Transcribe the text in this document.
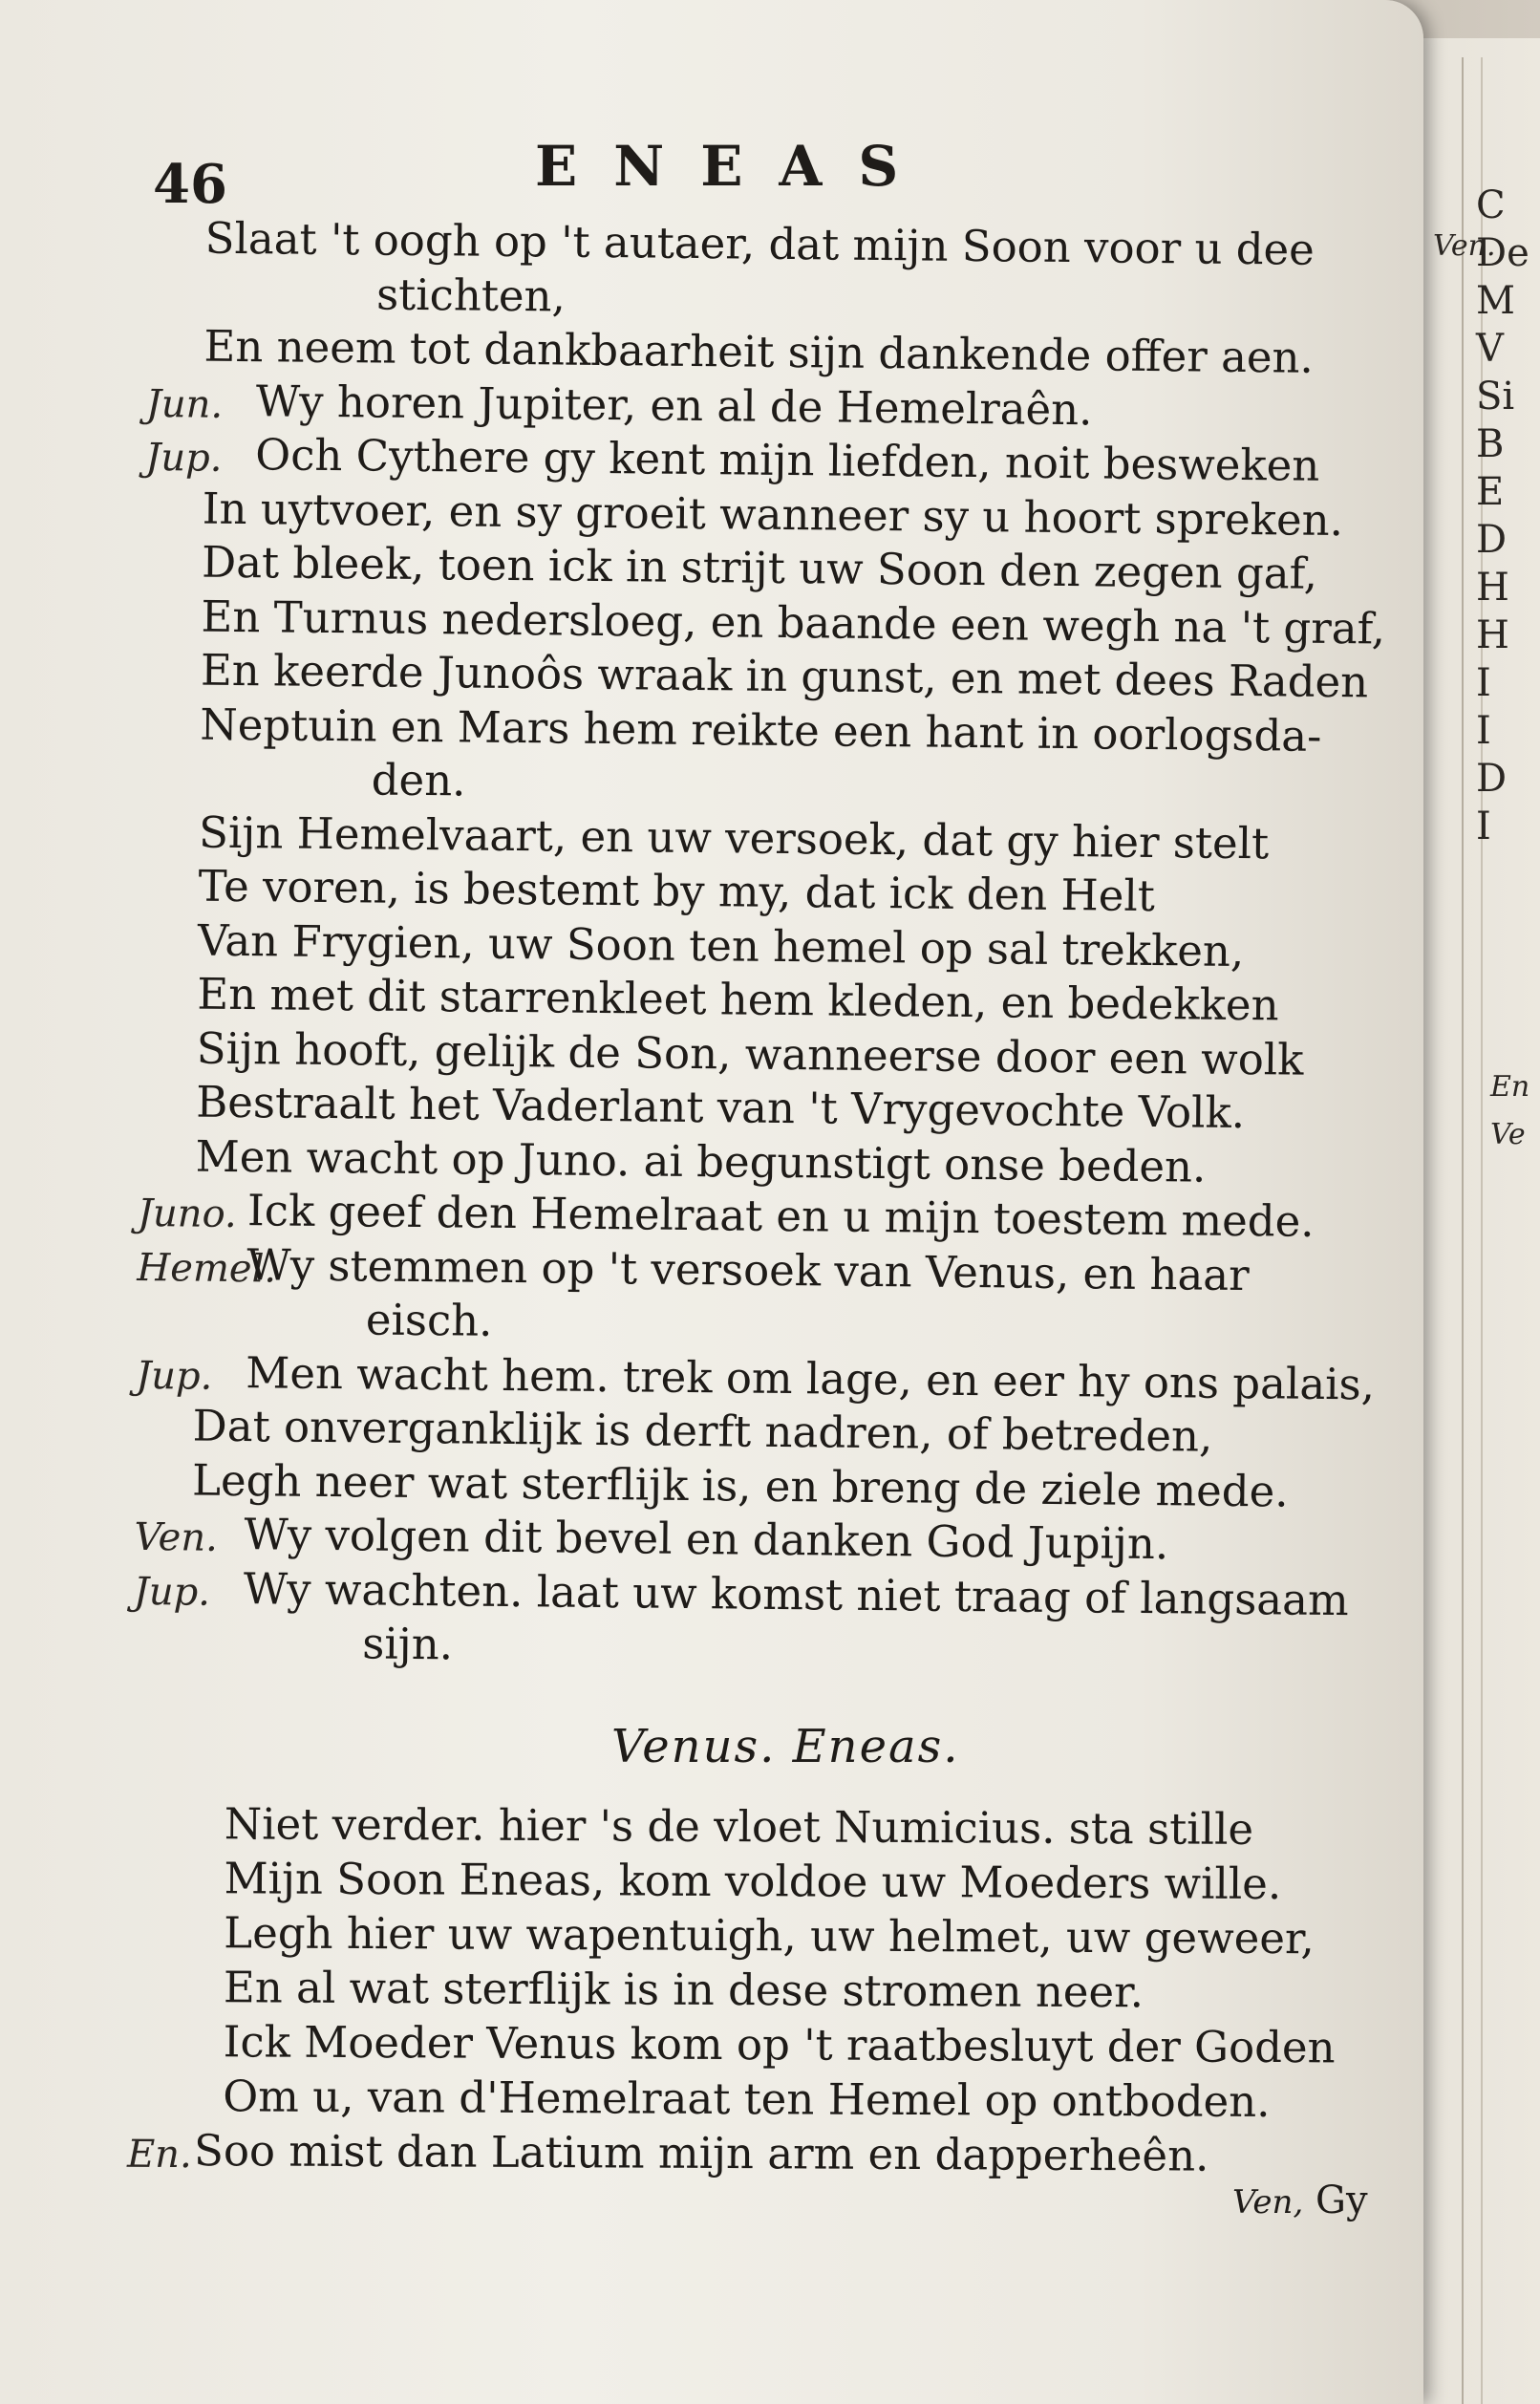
46	ENEAS
Slaat 't oogh op 't autaer, dat mijn Soon voor u dee
stichten,
En neem tot dankbaarheit sijn dankende offer aen.
Jun. Wy horen Jupiter, en al de Hemelraên.
Jup. Och Cythere gy kent mijn liefden, noit besweken
In uytvoer, en sy groeit wanneer sy u hoort spreken.
Dat bleek, toen ick in strijt uw Soon den zegen gaf,
En Turnus nedersloeg, en baande een wegh na 't graf,
En keerde Junoôs wraak in gunst, en met dees Raden
Neptuin en Mars hem reikte een hant in oorlogsda-
den.
Sijn Hemelvaart, en uw versoek, dat gy hier stelt
Te voren, is bestemt by my, dat ick den Helt
Van Frygien, uw Soon ten hemel op sal trekken,
En met dit starrenkleet hem kleden, en bedekken
Sijn hooft, gelijk de Son, wanneerse door een wolk
Bestraalt het Vaderlant van 't Vrygevochte Volk.
Men wacht op Juno. ai begunstigt onse beden.
Juno. Ick geef den Hemelraat en u mijn toestem mede.
Hemel.
Wy stemmen op 't versoek van Venus, en haar
eisch.
Jup. Men wacht hem. trek om lage, en eer hy ons palais,
Dat onverganklijk is derft nadren, of betreden,
Legh neer wat sterflijk is, en breng de ziele mede.
Ven. Wy volgen dit bevel en danken God Jupijn.
Jup. Wy wachten. laat uw komst niet traag of langsaam
sijn.
Venus. Eneas.
Niet verder. hier 's de vloet Numicius. sta stille
Mijn Soon Eneas, kom voldoe uw Moeders wille.
Legh hier uw wapentuigh, uw helmet, uw geweer,
En al wat sterflijk is in dese stromen neer.
Ick Moeder Venus kom op 't raatbesluyt der Goden
Om u, van d'Hemelraat ten Hemel op ontboden.
En. Soo mist dan Latium mijn arm en dapperheên.
Ven, Gy
Ven.
C
De
M
V
Si
B
E
D
H
H
I
I
D
I
En
Ve
